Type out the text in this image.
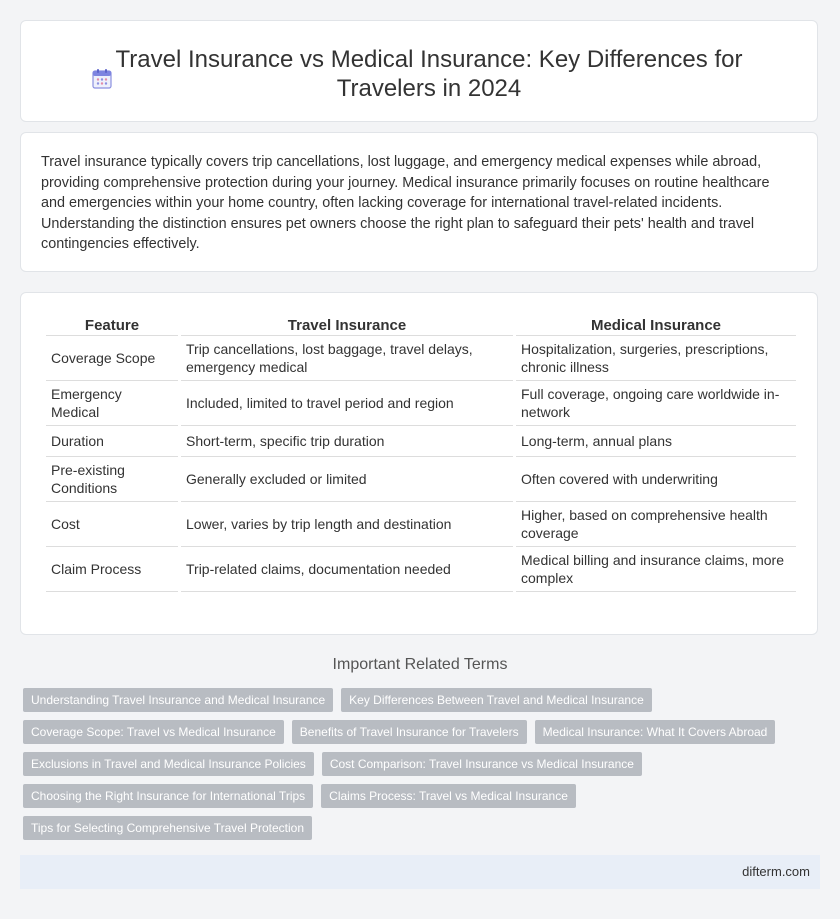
Travel Insurance vs Medical Insurance: Key Differences for Travelers in 2024

Travel insurance typically covers trip cancellations, lost luggage, and emergency medical expenses while abroad, providing comprehensive protection during your journey. Medical insurance primarily focuses on routine healthcare and emergencies within your home country, often lacking coverage for international travel-related incidents. Understanding the distinction ensures pet owners choose the right plan to safeguard their pets' health and travel contingencies effectively.

Feature	Travel Insurance	Medical Insurance
Coverage Scope	Trip cancellations, lost baggage, travel delays, emergency medical	Hospitalization, surgeries, prescriptions, chronic illness
Emergency Medical	Included, limited to travel period and region	Full coverage, ongoing care worldwide in-network
Duration	Short-term, specific trip duration	Long-term, annual plans
Pre-existing Conditions	Generally excluded or limited	Often covered with underwriting
Cost	Lower, varies by trip length and destination	Higher, based on comprehensive health coverage
Claim Process	Trip-related claims, documentation needed	Medical billing and insurance claims, more complex
Important Related Terms
Understanding Travel Insurance and Medical Insurance	Key Differences Between Travel and Medical Insurance
Coverage Scope: Travel vs Medical Insurance	Benefits of Travel Insurance for Travelers	Medical Insurance: What It Covers Abroad
Exclusions in Travel and Medical Insurance Policies	Cost Comparison: Travel Insurance vs Medical Insurance
Choosing the Right Insurance for International Trips	Claims Process: Travel vs Medical Insurance
Tips for Selecting Comprehensive Travel Protection
difterm.com
